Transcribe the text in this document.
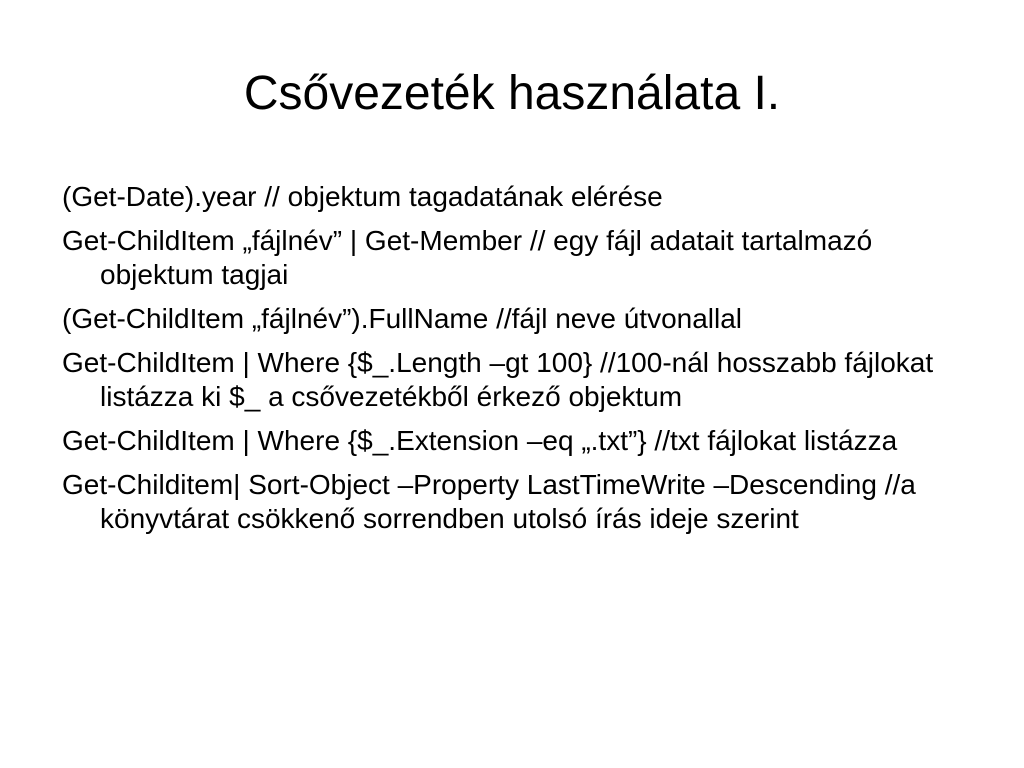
Csővezeték használata I.
(Get-Date).year // objektum tagadatának elérése
Get-ChildItem „fájlnév” | Get-Member // egy fájl adatait tartalmazó objektum tagjai
(Get-ChildItem „fájlnév”).FullName //fájl neve útvonallal
Get-ChildItem | Where {$_.Length –gt 100} //100-nál hosszabb fájlokat listázza ki $_ a csővezetékből érkező objektum
Get-ChildItem | Where {$_.Extension –eq „.txt”} //txt fájlokat listázza
Get-Childitem| Sort-Object –Property LastTimeWrite –Descending //a könyvtárat csökkenő sorrendben utolsó írás ideje szerint
